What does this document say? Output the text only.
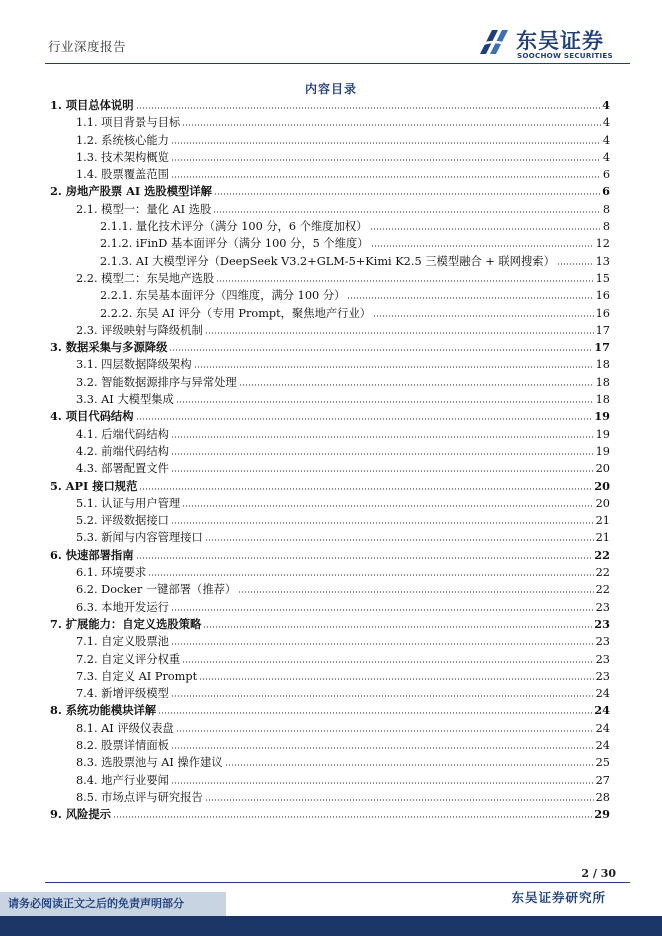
行业深度报告	东吴证券
SOOCHOW SECURITIES
内容目录
1. 项目总体说明	4
1.1. 项目背景与目标	4
1.2. 系统核心能力	4
1.3. 技术架构概览	4
1.4. 股票覆盖范围	6
2. 房地产股票 AI 选股模型详解	6
2.1. 模型一：量化 AI 选股	8
2.1.1. 量化技术评分（满分 100 分，6 个维度加权）	8
2.1.2. iFinD 基本面评分（满分 100 分，5 个维度）	12
2.1.3. AI 大模型评分（DeepSeek V3.2+GLM-5+Kimi K2.5 三模型融合 + 联网搜索）	13
2.2. 模型二：东吴地产选股	15
2.2.1. 东吴基本面评分（四维度，满分 100 分）	16
2.2.2. 东吴 AI 评分（专用 Prompt，聚焦地产行业）	16
2.3. 评级映射与降级机制	17
3. 数据采集与多源降级	17
3.1. 四层数据降级架构	18
3.2. 智能数据源排序与异常处理	18
3.3. AI 大模型集成	18
4. 项目代码结构	19
4.1. 后端代码结构	19
4.2. 前端代码结构	19
4.3. 部署配置文件	20
5. API 接口规范	20
5.1. 认证与用户管理	20
5.2. 评级数据接口	21
5.3. 新闻与内容管理接口	21
6. 快速部署指南	22
6.1. 环境要求	22
6.2. Docker 一键部署（推荐）	22
6.3. 本地开发运行	23
7. 扩展能力：自定义选股策略	23
7.1. 自定义股票池	23
7.2. 自定义评分权重	23
7.3. 自定义 AI Prompt	23
7.4. 新增评级模型	24
8. 系统功能模块详解	24
8.1. AI 评级仪表盘	24
8.2. 股票详情面板	24
8.3. 选股票池与 AI 操作建议	25
8.4. 地产行业要闻	27
8.5. 市场点评与研究报告	28
9. 风险提示	29
2 / 30
请务必阅读正文之后的免责声明部分	东吴证券研究所
